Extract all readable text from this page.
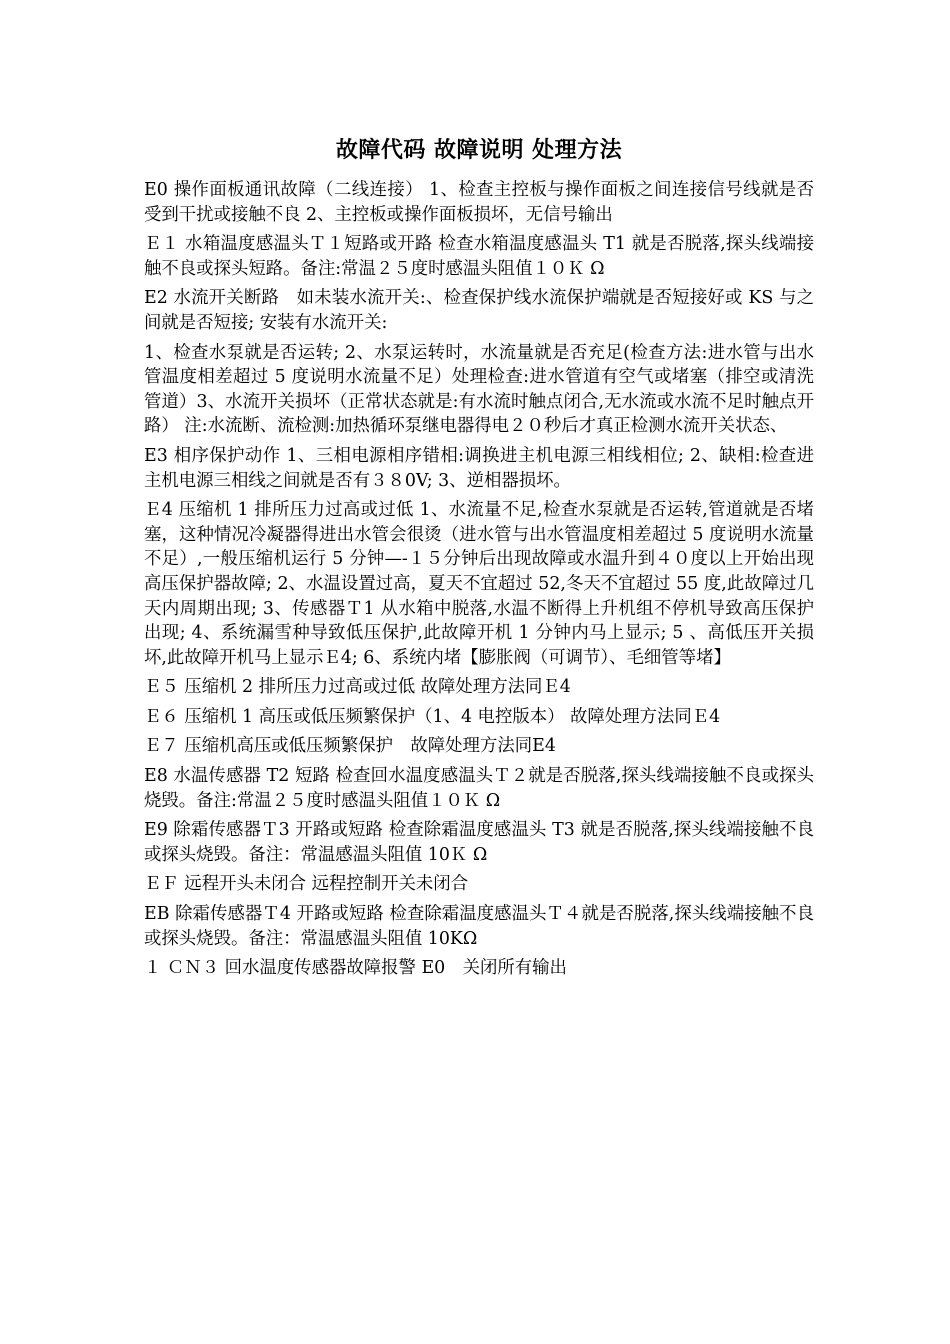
故障代码 故障说明 处理方法

E0 操作面板通讯故障（二线连接） 1、检查主控板与操作面板之间连接信号线就是否受到干扰或接触不良 2、主控板或操作面板损坏，无信号输出

Ｅ１ 水箱温度感温头Ｔ１短路或开路 检查水箱温度感温头 T1 就是否脱落,探头线端接触不良或探头短路。备注:常温２５度时感温头阻值１０Ｋ Ω

E2 水流开关断路　如未装水流开关:、检查保护线水流保护端就是否短接好或 KS 与之间就是否短接; 安装有水流开关:

1、检查水泵就是否运转; 2、水泵运转时，水流量就是否充足(检查方法:进水管与出水管温度相差超过 5 度说明水流量不足）处理检查:进水管道有空气或堵塞（排空或清洗管道）3、水流开关损坏（正常状态就是:有水流时触点闭合,无水流或水流不足时触点开路） 注:水流断、流检测:加热循环泵继电器得电２０秒后才真正检测水流开关状态、

E3 相序保护动作 1、三相电源相序错相:调换进主机电源三相线相位; 2、缺相:检查进主机电源三相线之间就是否有３８0V; 3、逆相器损坏。

Ｅ4 压缩机 1 排所压力过高或过低 1、水流量不足,检查水泵就是否运转,管道就是否堵塞，这种情况冷凝器得进出水管会很烫（进水管与出水管温度相差超过 5 度说明水流量不足）,一般压缩机运行 5 分钟—-１５分钟后出现故障或水温升到４０度以上开始出现高压保护器故障; 2、水温设置过高，夏天不宜超过 52,冬天不宜超过 55 度,此故障过几天内周期出现; 3、传感器Ｔ1 从水箱中脱落,水温不断得上升机组不停机导致高压保护出现; 4、系统漏雪种导致低压保护,此故障开机 1 分钟内马上显示; 5 、高低压开关损坏,此故障开机马上显示Ｅ4; 6、系统内堵【膨胀阀（可调节）、毛细管等堵】

Ｅ５ 压缩机 2 排所压力过高或过低 故障处理方法同Ｅ4

Ｅ６ 压缩机 1 高压或低压频繁保护（1、4 电控版本） 故障处理方法同Ｅ4

Ｅ７ 压缩机高压或低压频繁保护　故障处理方法同E4

E8 水温传感器 T2 短路 检查回水温度感温头Ｔ２就是否脱落,探头线端接触不良或探头烧毁。备注:常温２５度时感温头阻值１０Ｋ Ω

E9 除霜传感器Ｔ3 开路或短路 检查除霜温度感温头 T3 就是否脱落,探头线端接触不良或探头烧毁。备注：常温感温头阻值 10Ｋ Ω

ＥＦ 远程开头未闭合 远程控制开关未闭合

EB 除霜传感器Ｔ4 开路或短路 检查除霜温度感温头Ｔ４就是否脱落,探头线端接触不良或探头烧毁。备注：常温感温头阻值 10KΩ

１ ＣＮ３ 回水温度传感器故障报警 E0　关闭所有输出
